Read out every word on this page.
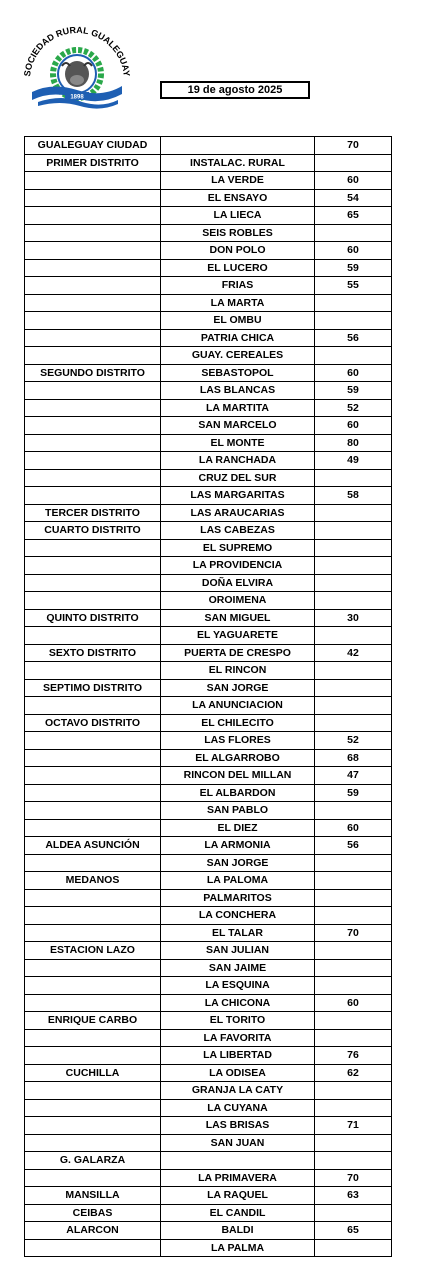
SOCIEDAD RURAL GUALEGUAY
1898
19 de agosto 2025
GUALEGUAY CIUDAD		70
PRIMER DISTRITO	INSTALAC. RURAL	
	LA VERDE	60
	EL ENSAYO	54
	LA LIECA	65
	SEIS ROBLES	
	DON POLO	60
	EL LUCERO	59
	FRIAS	55
	LA MARTA	
	EL OMBU	
	PATRIA CHICA	56
	GUAY. CEREALES	
SEGUNDO DISTRITO	SEBASTOPOL	60
	LAS BLANCAS	59
	LA MARTITA	52
	SAN MARCELO	60
	EL MONTE	80
	LA RANCHADA	49
	CRUZ DEL SUR	
	LAS MARGARITAS	58
TERCER DISTRITO	LAS ARAUCARIAS	
CUARTO DISTRITO	LAS CABEZAS	
	EL SUPREMO	
	LA PROVIDENCIA	
	DOÑA ELVIRA	
	OROIMENA	
QUINTO DISTRITO	SAN MIGUEL	30
	EL YAGUARETE	
SEXTO DISTRITO	PUERTA DE CRESPO	42
	EL RINCON	
SEPTIMO DISTRITO	SAN JORGE	
	LA ANUNCIACION	
OCTAVO DISTRITO	EL CHILECITO	
	LAS FLORES	52
	EL ALGARROBO	68
	RINCON DEL MILLAN	47
	EL ALBARDON	59
	SAN PABLO	
	EL DIEZ	60
ALDEA ASUNCIÓN	LA ARMONIA	56
	SAN JORGE	
MEDANOS	LA PALOMA	
	PALMARITOS	
	LA CONCHERA	
	EL TALAR	70
ESTACION LAZO	SAN JULIAN	
	SAN JAIME	
	LA ESQUINA	
	LA CHICONA	60
ENRIQUE CARBO	EL TORITO	
	LA FAVORITA	
	LA LIBERTAD	76
CUCHILLA	LA ODISEA	62
	GRANJA LA CATY	
	LA CUYANA	
	LAS BRISAS	71
	SAN JUAN	
G. GALARZA		
	LA PRIMAVERA	70
MANSILLA	LA RAQUEL	63
CEIBAS	EL CANDIL	
ALARCON	BALDI	65
	LA PALMA	
